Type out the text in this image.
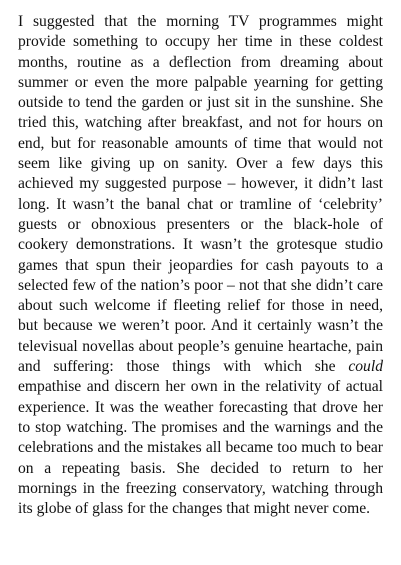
I suggested that the morning TV programmes might provide something to occupy her time in these coldest months, routine as a deflection from dreaming about summer or even the more palpable yearning for getting outside to tend the garden or just sit in the sunshine. She tried this, watching after breakfast, and not for hours on end, but for reasonable amounts of time that would not seem like giving up on sanity. Over a few days this achieved my suggested purpose – however, it didn’t last long. It wasn’t the banal chat or tramline of ‘celebrity’ guests or obnoxious presenters or the black-hole of cookery demonstrations. It wasn’t the grotesque studio games that spun their jeopardies for cash payouts to a selected few of the nation’s poor – not that she didn’t care about such welcome if fleeting relief for those in need, but because we weren’t poor. And it certainly wasn’t the televisual novellas about people’s genuine heartache, pain and suffering: those things with which she could empathise and discern her own in the relativity of actual experience. It was the weather forecasting that drove her to stop watching. The promises and the warnings and the celebrations and the mistakes all became too much to bear on a repeating basis. She decided to return to her mornings in the freezing conservatory, watching through its globe of glass for the changes that might never come.
